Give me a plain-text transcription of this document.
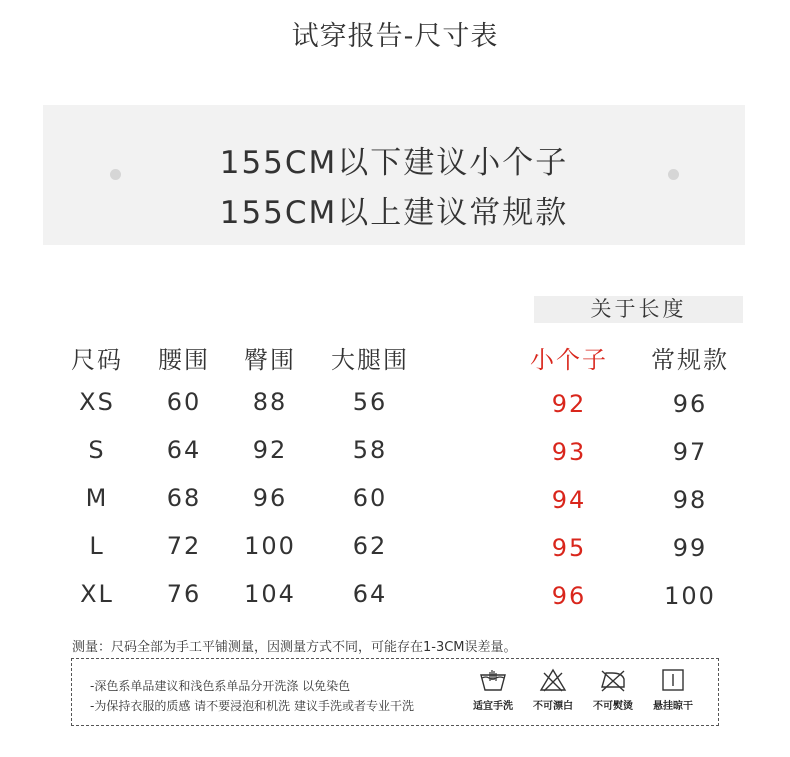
试穿报告-尺寸表
155CM以下建议小个子
155CM以上建议常规款
关于长度
尺码	腰围	臀围	大腿围	小个子	常规款
XS	60	88	56	92	96
S	64	92	58	93	97
M	68	96	60	94	98
L	72	100	62	95	99
XL	76	104	64	96	100
测量：尺码全部为手工平铺测量，因测量方式不同，可能存在1-3CM误差量。
-深色系单品建议和浅色系单品分开洗涤 以免染色
-为保持衣服的质感 请不要浸泡和机洗 建议手洗或者专业干洗	适宜手洗	不可漂白	不可熨烫	悬挂晾干
